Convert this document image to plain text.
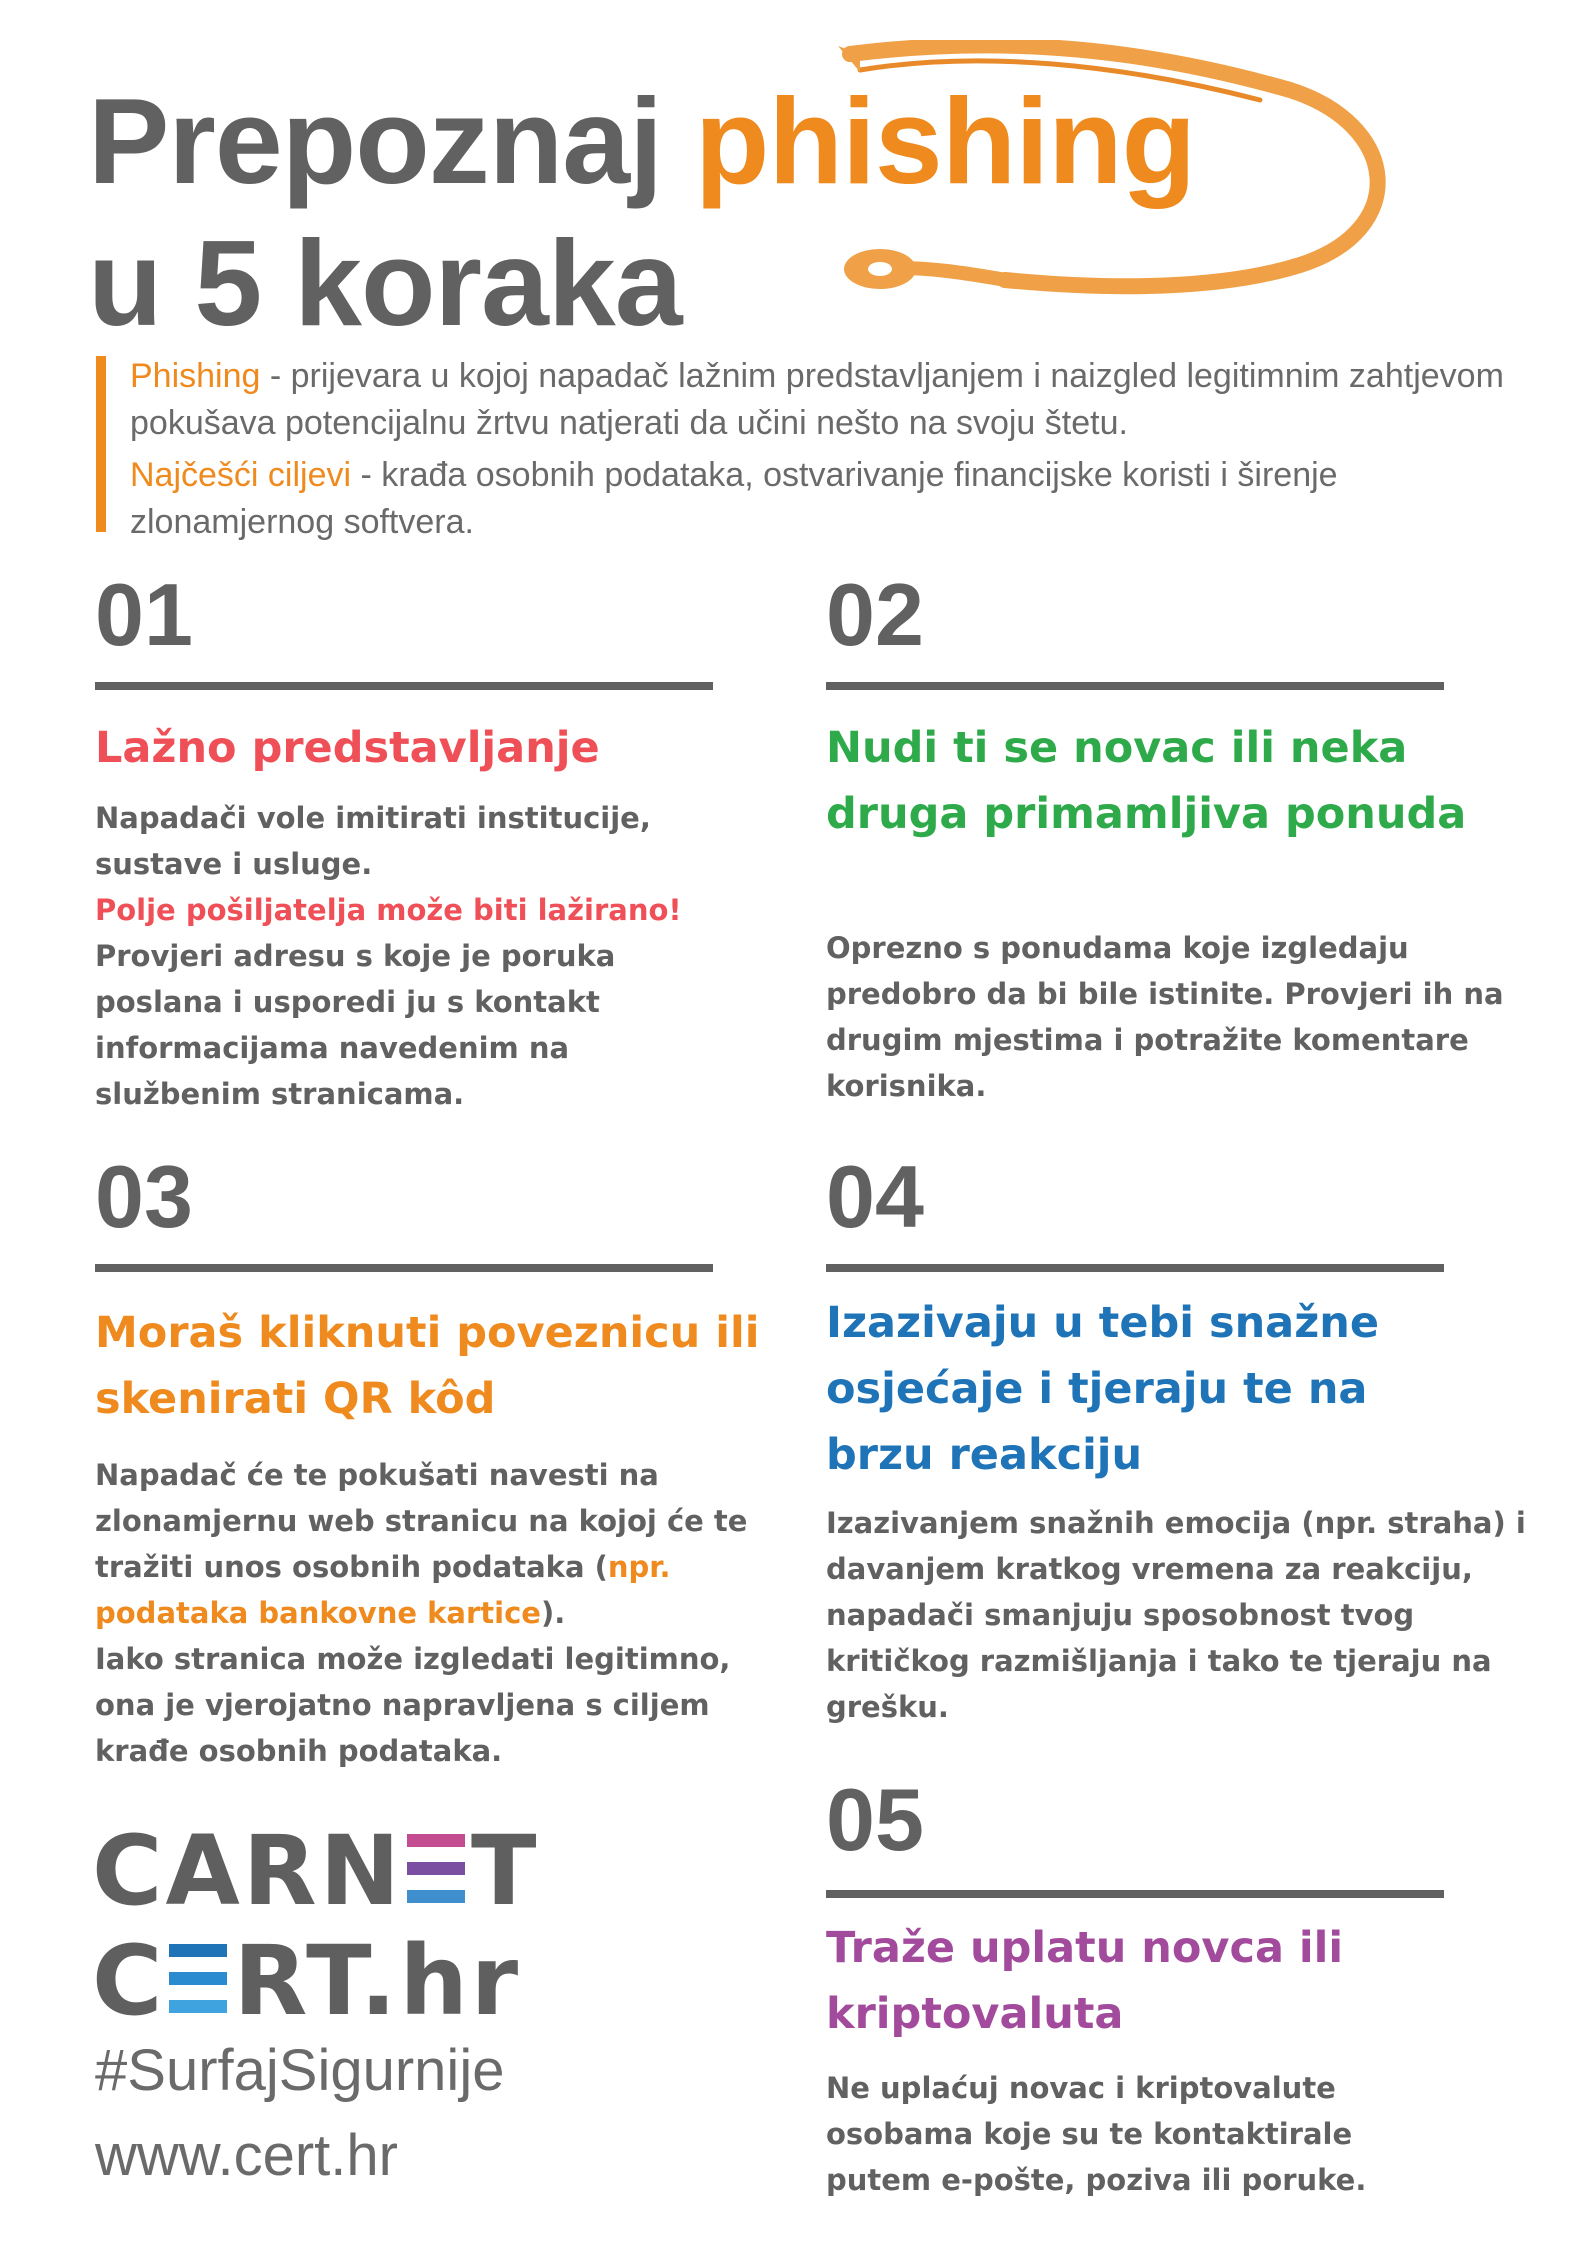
Prepoznaj phishing
u 5 koraka

Phishing - prijevara u kojoj napadač lažnim predstavljanjem i naizgled legitimnim zahtjevom pokušava potencijalnu žrtvu natjerati da učini nešto na svoju štetu.

Najčešći ciljevi - krađa osobnih podataka, ostvarivanje financijske koristi i širenje zlonamjernog softvera.

01
Lažno predstavljanje
Napadači vole imitirati institucije, sustave i usluge.
Polje pošiljatelja može biti lažirano!
Provjeri adresu s koje je poruka poslana i usporedi ju s kontakt informacijama navedenim na službenim stranicama.
02
Nudi ti se novac ili neka druga primamljiva ponuda
Oprezno s ponudama koje izgledaju predobro da bi bile istinite. Provjeri ih na drugim mjestima i potražite komentare korisnika.
03
Moraš kliknuti poveznicu ili skenirati QR kôd
Napadač će te pokušati navesti na zlonamjernu web stranicu na kojoj će te tražiti unos osobnih podataka (npr. podataka bankovne kartice).
Iako stranica može izgledati legitimno, ona je vjerojatno napravljena s ciljem krađe osobnih podataka.
04
Izazivaju u tebi snažne osjećaje i tjeraju te na brzu reakciju
Izazivanjem snažnih emocija (npr. straha) i davanjem kratkog vremena za reakciju, napadači smanjuju sposobnost tvog kritičkog razmišljanja i tako te tjeraju na grešku.
05
Traže uplatu novca ili kriptovaluta
Ne uplaćuj novac i kriptovalute osobama koje su te kontaktirale putem e-pošte, poziva ili poruke.
CARN T
C RT.hr
#SurfajSigurnije
www.cert.hr
